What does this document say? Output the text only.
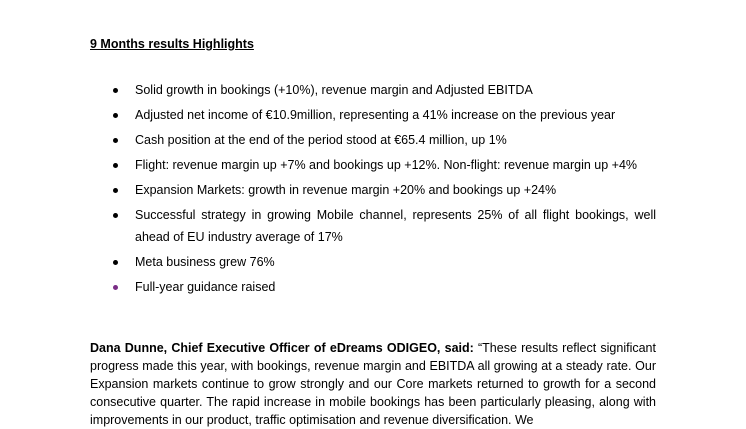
9 Months results Highlights
Solid growth in bookings (+10%), revenue margin and Adjusted EBITDA
Adjusted net income of €10.9million, representing a 41% increase on the previous year
Cash position at the end of the period stood at €65.4 million, up 1%
Flight: revenue margin up +7% and bookings up +12%. Non-flight: revenue margin up +4%
Expansion Markets: growth in revenue margin +20% and bookings up +24%
Successful strategy in growing Mobile channel, represents 25% of all flight bookings, well ahead of EU industry average of 17%
Meta business grew 76%
Full-year guidance raised

Dana Dunne, Chief Executive Officer of eDreams ODIGEO, said: “These results reflect significant progress made this year, with bookings, revenue margin and EBITDA all growing at a steady rate. Our Expansion markets continue to grow strongly and our Core markets returned to growth for a second consecutive quarter. The rapid increase in mobile bookings has been particularly pleasing, along with improvements in our product, traffic optimisation and revenue diversification. We
